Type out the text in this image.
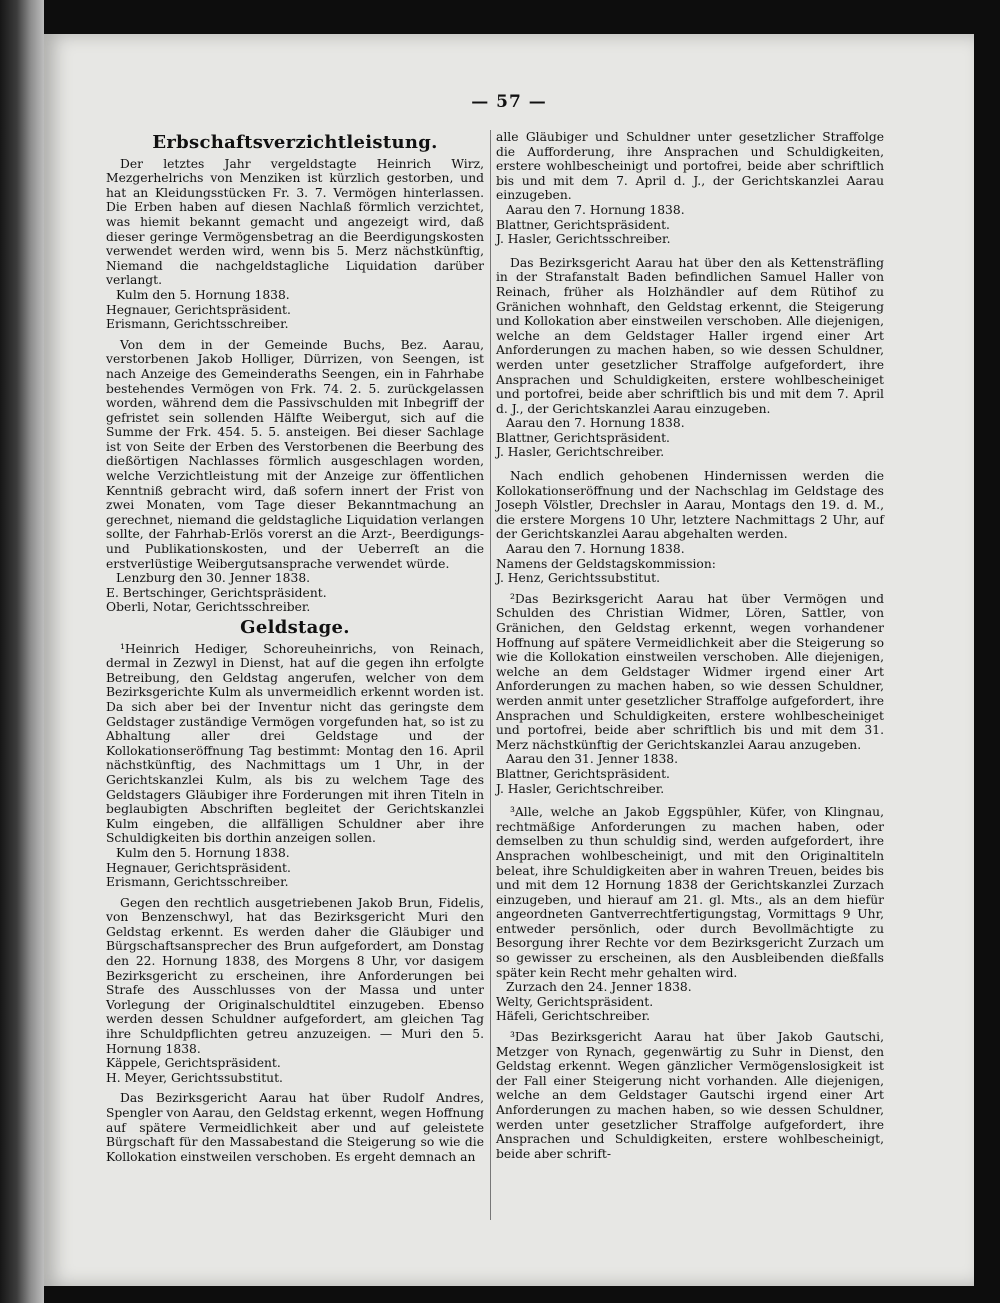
— 57 —
Erbschaftsverzichtleistung.

Der letztes Jahr vergeldstagte Heinrich Wirz, Mezgerhelrichs von Menziken ist kürzlich gestorben, und hat an Kleidungsstücken Fr. 3. 7. Vermögen hinterlassen. Die Erben haben auf diesen Nachlaß förmlich verzichtet, was hiemit bekannt gemacht und angezeigt wird, daß dieser geringe Vermögensbetrag an die Beerdigungskosten verwendet werden wird, wenn bis 5. Merz nächstkünftig, Niemand die nachgeldstagliche Liquidation darüber verlangt.

Kulm den 5. Hornung 1838.

Hegnauer, Gerichtspräsident.

Erismann, Gerichtsschreiber.

Von dem in der Gemeinde Buchs, Bez. Aarau, verstorbenen Jakob Holliger, Dürrizen, von Seengen, ist nach Anzeige des Gemeinderaths Seengen, ein in Fahrhabe bestehendes Vermögen von Frk. 74. 2. 5. zurückgelassen worden, während dem die Passivschulden mit Inbegriff der gefristet sein sollenden Hälfte Weibergut, sich auf die Summe der Frk. 454. 5. 5. ansteigen. Bei dieser Sachlage ist von Seite der Erben des Verstorbenen die Beerbung des dießörtigen Nachlasses förmlich ausgeschlagen worden, welche Verzichtleistung mit der Anzeige zur öffentlichen Kenntniß gebracht wird, daß sofern innert der Frist von zwei Monaten, vom Tage dieser Bekanntmachung an gerechnet, niemand die geldstagliche Liquidation verlangen sollte, der Fahrhab-Erlös vorerst an die Arzt-, Beerdigungs- und Publikationskosten, und der Ueberreſt an die erstverlüstige Weibergutsansprache verwendet würde.

Lenzburg den 30. Jenner 1838.

E. Bertschinger, Gerichtspräsident.

Oberli, Notar, Gerichtsschreiber.

Geldstage.

¹Heinrich Hediger, Schoreuheinrichs, von Reinach, dermal in Zezwyl in Dienst, hat auf die gegen ihn erfolgte Betreibung, den Geldstag angerufen, welcher von dem Bezirksgerichte Kulm als unvermeidlich erkennt worden ist. Da sich aber bei der Inventur nicht das geringste dem Geldstager zuständige Vermögen vorgefunden hat, so ist zu Abhaltung aller drei Geldstage und der Kollokationseröffnung Tag bestimmt: Montag den 16. April nächstkünftig, des Nachmittags um 1 Uhr, in der Gerichtskanzlei Kulm, als bis zu welchem Tage des Geldstagers Gläubiger ihre Forderungen mit ihren Titeln in beglaubigten Abschriften begleitet der Gerichtskanzlei Kulm eingeben, die allfälligen Schuldner aber ihre Schuldigkeiten bis dorthin anzeigen sollen.

Kulm den 5. Hornung 1838.

Hegnauer, Gerichtspräsident.

Erismann, Gerichtsschreiber.

Gegen den rechtlich ausgetriebenen Jakob Brun, Fidelis, von Benzenschwyl, hat das Bezirksgericht Muri den Geldstag erkennt. Es werden daher die Gläubiger und Bürgschaftsansprecher des Brun aufgefordert, am Donstag den 22. Hornung 1838, des Morgens 8 Uhr, vor dasigem Bezirksgericht zu erscheinen, ihre Anforderungen bei Strafe des Ausschlusses von der Massa und unter Vorlegung der Originalschuldtitel einzugeben. Ebenso werden dessen Schuldner aufgefordert, am gleichen Tag ihre Schuldpflichten getreu anzuzeigen. — Muri den 5. Hornung 1838.

Käppele, Gerichtspräsident.

H. Meyer, Gerichtssubstitut.

Das Bezirksgericht Aarau hat über Rudolf Andres, Spengler von Aarau, den Geldstag erkennt, wegen Hoffnung auf spätere Vermeidlichkeit aber und auf geleistete Bürgschaft für den Massabestand die Steigerung so wie die Kollokation einstweilen verschoben. Es ergeht demnach an

alle Gläubiger und Schuldner unter gesetzlicher Straffolge die Aufforderung, ihre Ansprachen und Schuldigkeiten, erstere wohlbescheinigt und portofrei, beide aber schriftlich bis und mit dem 7. April d. J., der Gerichtskanzlei Aarau einzugeben.

Aarau den 7. Hornung 1838.

Blattner, Gerichtspräsident.

J. Hasler, Gerichtsschreiber.

Das Bezirksgericht Aarau hat über den als Kettensträfling in der Strafanstalt Baden befindlichen Samuel Haller von Reinach, früher als Holzhändler auf dem Rütihof zu Gränichen wohnhaft, den Geldstag erkennt, die Steigerung und Kollokation aber einstweilen verschoben. Alle diejenigen, welche an dem Geldstager Haller irgend einer Art Anforderungen zu machen haben, so wie dessen Schuldner, werden unter gesetzlicher Straffolge aufgefordert, ihre Ansprachen und Schuldigkeiten, erstere wohlbescheiniget und portofrei, beide aber schriftlich bis und mit dem 7. April d. J., der Gerichtskanzlei Aarau einzugeben.

Aarau den 7. Hornung 1838.

Blattner, Gerichtspräsident.

J. Hasler, Gerichtschreiber.

Nach endlich gehobenen Hindernissen werden die Kollokationseröffnung und der Nachschlag im Geldstage des Joseph Völstler, Drechsler in Aarau, Montags den 19. d. M., die erstere Morgens 10 Uhr, letztere Nachmittags 2 Uhr, auf der Gerichtskanzlei Aarau abgehalten werden.

Aarau den 7. Hornung 1838.

Namens der Geldstagskommission:

J. Henz, Gerichtssubstitut.

²Das Bezirksgericht Aarau hat über Vermögen und Schulden des Christian Widmer, Lören, Sattler, von Gränichen, den Geldstag erkennt, wegen vorhandener Hoffnung auf spätere Vermeidlichkeit aber die Steigerung so wie die Kollokation einstweilen verschoben. Alle diejenigen, welche an dem Geldstager Widmer irgend einer Art Anforderungen zu machen haben, so wie dessen Schuldner, werden anmit unter gesetzlicher Straffolge aufgefordert, ihre Ansprachen und Schuldigkeiten, erstere wohlbescheiniget und portofrei, beide aber schriftlich bis und mit dem 31. Merz nächstkünftig der Gerichtskanzlei Aarau anzugeben.

Aarau den 31. Jenner 1838.

Blattner, Gerichtspräsident.

J. Hasler, Gerichtschreiber.

³Alle, welche an Jakob Eggspühler, Küfer, von Klingnau, rechtmäßige Anforderungen zu machen haben, oder demselben zu thun schuldig sind, werden aufgefordert, ihre Ansprachen wohlbescheinigt, und mit den Originaltiteln beleat, ihre Schuldigkeiten aber in wahren Treuen, beides bis und mit dem 12 Hornung 1838 der Gerichtskanzlei Zurzach einzugeben, und hierauf am 21. gl. Mts., als an dem hiefür angeordneten Gantverrechtfertigungstag, Vormittags 9 Uhr, entweder persönlich, oder durch Bevollmächtigte zu Besorgung ihrer Rechte vor dem Bezirksgericht Zurzach um so gewisser zu erscheinen, als den Ausbleibenden dießfalls später kein Recht mehr gehalten wird.

Zurzach den 24. Jenner 1838.

Welty, Gerichtspräsident.

Häfeli, Gerichtschreiber.

³Das Bezirksgericht Aarau hat über Jakob Gautschi, Metzger von Rynach, gegenwärtig zu Suhr in Dienst, den Geldstag erkennt. Wegen gänzlicher Vermögenslosigkeit ist der Fall einer Steigerung nicht vorhanden. Alle diejenigen, welche an dem Geldstager Gautschi irgend einer Art Anforderungen zu machen haben, so wie dessen Schuldner, werden unter gesetzlicher Straffolge aufgefordert, ihre Ansprachen und Schuldigkeiten, erstere wohlbescheinigt, beide aber schrift-
